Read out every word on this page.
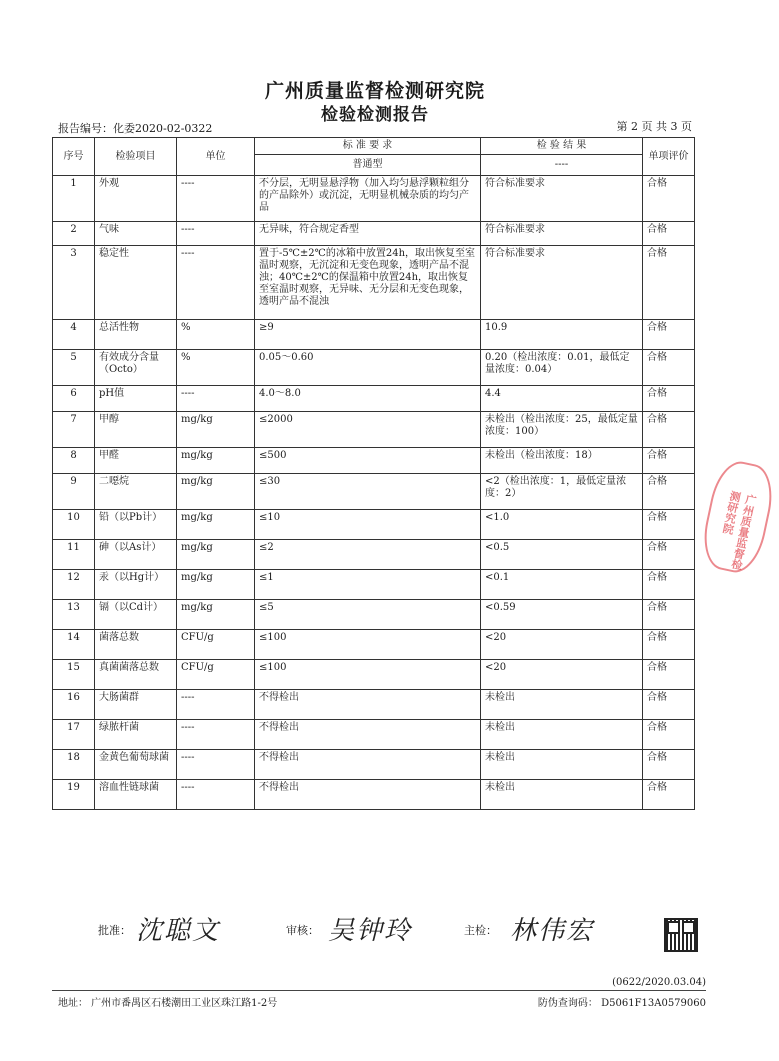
广州质量监督检测研究院
检验检测报告
报告编号：化委2020-02-0322	第 2 页 共 3 页
序号	检验项目	单位	标 准 要 求	检 验 结 果	单项评价
			普通型	----	
1	外观	----	不分层，无明显悬浮物（加入均匀悬浮颗粒组分的产品除外）或沉淀，无明显机械杂质的均匀产品	符合标准要求	合格
2	气味	----	无异味，符合规定香型	符合标准要求	合格
3	稳定性	----	置于-5℃±2℃的冰箱中放置24h，取出恢复至室温时观察，无沉淀和无变色现象，透明产品不混浊；40℃±2℃的保温箱中放置24h，取出恢复至室温时观察，无异味、无分层和无变色现象，透明产品不混浊	符合标准要求	合格
4	总活性物	%	≥9	10.9	合格
5	有效成分含量（Octo）	%	0.05～0.60	0.20（检出浓度：0.01，最低定量浓度：0.04）	合格
6	pH值	----	4.0～8.0	4.4	合格
7	甲醇	mg/kg	≤2000	未检出（检出浓度：25，最低定量浓度：100）	合格
8	甲醛	mg/kg	≤500	未检出（检出浓度：18）	合格
9	二噁烷	mg/kg	≤30	<2（检出浓度：1，最低定量浓度：2）	合格
10	铅（以Pb计）	mg/kg	≤10	<1.0	合格
11	砷（以As计）	mg/kg	≤2	<0.5	合格
12	汞（以Hg计）	mg/kg	≤1	<0.1	合格
13	镉（以Cd计）	mg/kg	≤5	<0.59	合格
14	菌落总数	CFU/g	≤100	<20	合格
15	真菌菌落总数	CFU/g	≤100	<20	合格
16	大肠菌群	----	不得检出	未检出	合格
17	绿脓杆菌	----	不得检出	未检出	合格
18	金黄色葡萄球菌	----	不得检出	未检出	合格
19	溶血性链球菌	----	不得检出	未检出	合格
批准： 沈聪文	审核： 吴钟玲	主检： 林伟宏
广州质量监督检测研究院
(0622/2020.03.04)
地址： 广州市番禺区石楼潮田工业区珠江路1-2号	防伪查询码： D5061F13A0579060
